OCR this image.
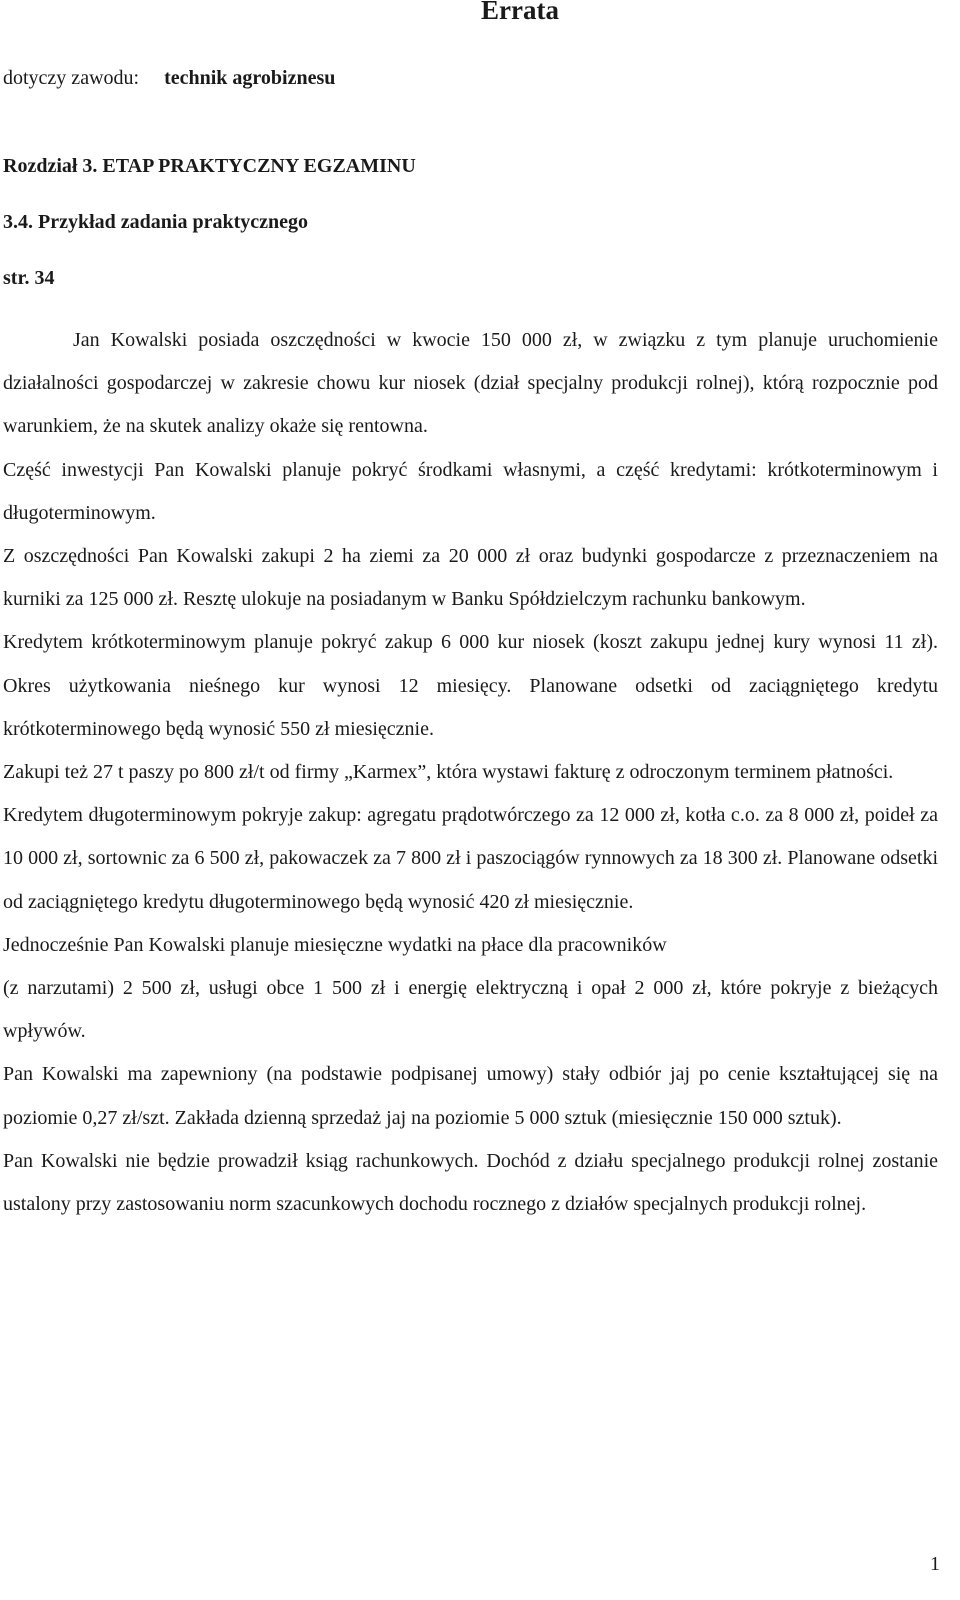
Errata
dotyczy zawodu: technik agrobiznesu
Rozdział 3. ETAP PRAKTYCZNY EGZAMINU
3.4. Przykład zadania praktycznego
str. 34

Jan Kowalski posiada oszczędności w kwocie 150 000 zł, w związku z tym planuje uruchomienie działalności gospodarczej w zakresie chowu kur niosek (dział specjalny produkcji rolnej), którą rozpocznie pod warunkiem, że na skutek analizy okaże się rentowna.

Część inwestycji Pan Kowalski planuje pokryć środkami własnymi, a część kredytami: krótkoterminowym i długoterminowym.

Z oszczędności Pan Kowalski zakupi 2 ha ziemi za 20 000 zł oraz budynki gospodarcze z przeznaczeniem na kurniki za 125 000 zł. Resztę ulokuje na posiadanym w Banku Spółdzielczym rachunku bankowym.

Kredytem krótkoterminowym planuje pokryć zakup 6 000 kur niosek (koszt zakupu jednej kury wynosi 11 zł). Okres użytkowania nieśnego kur wynosi 12 miesięcy. Planowane odsetki od zaciągniętego kredytu krótkoterminowego będą wynosić 550 zł miesięcznie.

Zakupi też 27 t paszy po 800 zł/t od firmy „Karmex”, która wystawi fakturę z odroczonym terminem płatności.

Kredytem długoterminowym pokryje zakup: agregatu prądotwórczego za 12 000 zł, kotła c.o. za 8 000 zł, poideł za 10 000 zł, sortownic za 6 500 zł, pakowaczek za 7 800 zł i paszociągów rynnowych za 18 300 zł. Planowane odsetki od zaciągniętego kredytu długoterminowego będą wynosić 420 zł miesięcznie.

Jednocześnie Pan Kowalski planuje miesięczne wydatki na płace dla pracowników

(z narzutami) 2 500 zł, usługi obce 1 500 zł i energię elektryczną i opał 2 000 zł, które pokryje z bieżących wpływów.

Pan Kowalski ma zapewniony (na podstawie podpisanej umowy) stały odbiór jaj po cenie kształtującej się na poziomie 0,27 zł/szt. Zakłada dzienną sprzedaż jaj na poziomie 5 000 sztuk (miesięcznie 150 000 sztuk).

Pan Kowalski nie będzie prowadził ksiąg rachunkowych. Dochód z działu specjalnego produkcji rolnej zostanie ustalony przy zastosowaniu norm szacunkowych dochodu rocznego z działów specjalnych produkcji rolnej.

1
